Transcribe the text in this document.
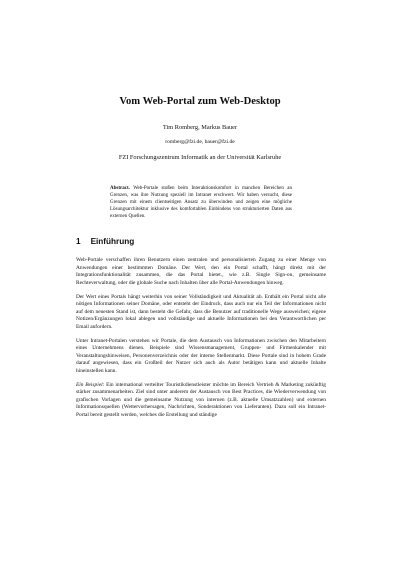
Vom Web-Portal zum Web-Desktop
Tim Romberg, Markus Bauer
romberg@fzi.de, bauer@fzi.de
FZI Forschungszentrum Informatik an der Universität Karlsruhe
Abstract. Web-Portale stoßen beim Interaktionskomfort in manchen Bereichen an Grenzen, was ihre Nutzung speziell im Intranet erschwert. Wir haben versucht, diese Grenzen mit einem clientseitigen Ansatz zu überwinden und zeigen eine mögliche Lösungsarchitektur inklusive des komfortablen Einbindens von strukturierten Daten aus externen Quellen.
1 Einführung

Web-Portale verschaffen ihren Benutzern einen zentralen und personalisierten Zugang zu einer Menge von Anwendungen einer bestimmten Domäne. Der Wert, den ein Portal schafft, hängt direkt mit der Integrationsfunktionalität zusammen, die das Portal bietet., wie z.B. Single Sign-on, gemeinsame Rechteverwaltung, oder die globale Suche nach Inhalten über alle Portal-Anwendungen hinweg.

Der Wert eines Portals hängt weiterhin von seiner Vollständigkeit und Aktualität ab. Enthält ein Portal nicht alle nötigen Informationen seiner Domäne, oder entsteht der Eindruck, dass auch nur ein Teil der Informationen nicht auf dem neuesten Stand ist, dann besteht die Gefahr, dass die Benutzer auf traditionelle Wege ausweichen; eigene Notizen/Ergänzungen lokal ablegen und vollständige und aktuelle Informationen bei den Verantwortlichen per Email anfordern.

Unter Intranet-Portalen verstehen wir Portale, die dem Austausch von Informationen zwischen den Mitarbeitern eines Unternehmens dienen. Beispiele sind Wissensmanagement, Gruppen- und Firmenkalender mit Veranstaltungshinweisen, Personenverzeichnis oder der interne Stellenmarkt. Diese Portale sind in hohem Grade darauf angewiesen, dass ein Großteil der Nutzer sich auch als Autor betätigen kann und aktuelle Inhalte hineinstellen kann.

Ein Beispiel: Ein international verteilter Touristikdienstleister möchte im Bereich Vertrieb & Marketing zukünftig stärker zusammenarbeiten. Ziel sind unter anderem der Austausch von Best Practices, die Wiederverwendung von grafischen Vorlagen und die gemeinsame Nutzung von internen (z.B. aktuelle Umsatzzahlen) und externen Informationsquellen (Wettervorhersagen, Nachrichten, Sonderaktionen von Lieferanten). Dazu soll ein Intranet-Portal bereit gestellt werden, welches die Erstellung und ständige
